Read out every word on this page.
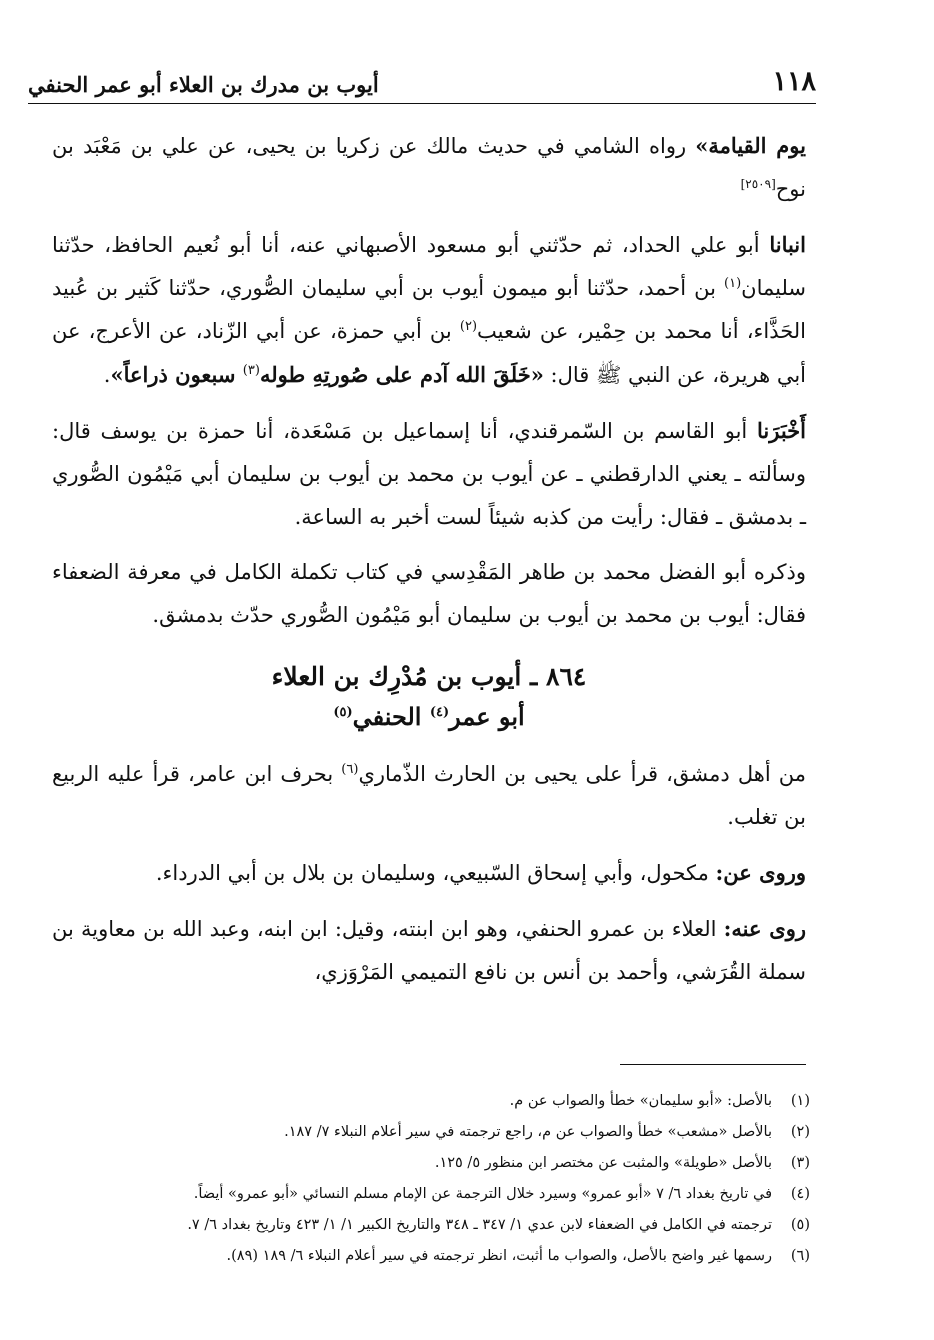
١١٨
أيوب بن مدرك بن العلاء أبو عمر الحنفي

يوم القيامة» رواه الشامي في حديث مالك عن زكريا بن يحيى، عن علي بن مَعْبَد بن نوح[٢٥٠٩]

انبانا أبو علي الحداد، ثم حدّثني أبو مسعود الأصبهاني عنه، أنا أبو نُعيم الحافظ، حدّثنا سليمان$^{(١)}$ بن أحمد، حدّثنا أبو ميمون أيوب بن أبي سليمان الصُّوري، حدّثنا كَثير بن عُبيد الحَذَّاء، أنا محمد بن حِمْير، عن شعيب$^{(٢)}$ بن أبي حمزة، عن أبي الزّناد، عن الأعرج، عن أبي هريرة، عن النبي ﷺ قال: «خَلَقَ الله آدم على صُورتِهِ طوله$^{(٣)}$ سبعون ذراعاً».

أَخْبَرَنا أبو القاسم بن السّمرقندي، أنا إسماعيل بن مَسْعَدة، أنا حمزة بن يوسف قال: وسألته ـ يعني الدارقطني ـ عن أيوب بن محمد بن أيوب بن سليمان أبي مَيْمُون الصُّوري ـ بدمشق ـ فقال: رأيت من كذبه شيئاً لست أخبر به الساعة.

وذكره أبو الفضل محمد بن طاهر المَقْدِسي في كتاب تكملة الكامل في معرفة الضعفاء فقال: أيوب بن محمد بن أيوب بن سليمان أبو مَيْمُون الصُّوري حدّث بدمشق.

٨٦٤ ـ أيوب بن مُدْرِك بن العلاء
أبو عمر$^{(٤)}$ الحنفي$^{(٥)}$

من أهل دمشق، قرأ على يحيى بن الحارث الذّماري$^{(٦)}$ بحرف ابن عامر، قرأ عليه الربيع بن تغلب.

وروى عن: مكحول، وأبي إسحاق السّبيعي، وسليمان بن بلال بن أبي الدرداء.

روى عنه: العلاء بن عمرو الحنفي، وهو ابن ابنته، وقيل: ابن ابنه، وعبد الله بن معاوية بن سملة القُرَشي، وأحمد بن أنس بن نافع التميمي المَرْوَزي،

(١)
بالأصل: «أبو سليمان» خطأ والصواب عن م.
(٢)
بالأصل «مشعب» خطأ والصواب عن م، راجع ترجمته في سير أعلام النبلاء ٧/ ١٨٧.
(٣)
بالأصل «طويلة» والمثبت عن مختصر ابن منظور ٥/ ١٢٥.
(٤)
في تاريخ بغداد ٦/ ٧ «أبو عمرو» وسيرد خلال الترجمة عن الإمام مسلم النسائي «أبو عمرو» أيضاً.
(٥)
ترجمته في الكامل في الضعفاء لابن عدي ١/ ٣٤٧ ـ ٣٤٨ والتاريخ الكبير ١/ ١/ ٤٢٣ وتاريخ بغداد ٦/ ٧.
(٦)
رسمها غير واضح بالأصل، والصواب ما أثبت، انظر ترجمته في سير أعلام النبلاء ٦/ ١٨٩ (٨٩).
